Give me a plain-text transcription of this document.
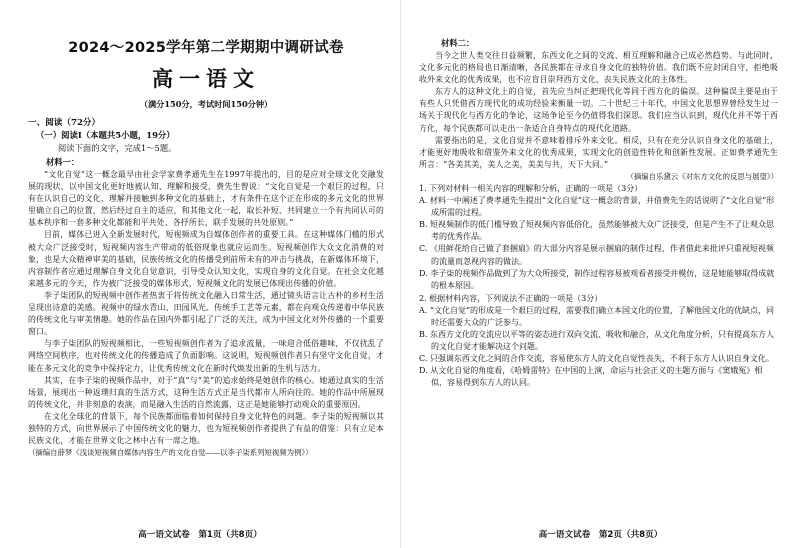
2024～2025学年第二学期期中调研试卷
高一语文
（满分150分，考试时间150分钟）
一、阅读（72分）
（一）阅读Ⅰ（本题共5小题，19分）
阅读下面的文字，完成1～5题。
材料一：

“文化自觉”这一概念最早由社会学家费孝通先生在1997年提出的，目的是应对全球文化交融发展的现状，以中国文化更好地被认知、理解和接受，费先生曾说：“文化自觉是一个艰巨的过程，只有在认识自己的文化，理解并接触到多种文化的基础上，才有条件在这个正在形成的多元文化的世界里确立自己的位置，然后经过自主的适应，和其他文化一起，取长补短，共同建立一个有共同认可的基本秩序和一套多种文化都能和平共处、各抒所长，联手发展的共处原则。”

目前，媒体已进入全新发展时代，短视频成为自媒体创作者的重要工具。在这种媒体门槛的形式被大众广泛接受时，短视频内容生产带动的低俗现象也就应运而生。短视频创作大众文化消费的对象，也是大众精神审美的基础，民族传统文化的传播受到前所未有的冲击与挑战，在新媒体环境下，内容制作者应通过理解自身文化自觉意识，引导受众认知文化，实现自身的文化自觉。在社会文化越来越多元的今天，作为被广泛接受的媒体形式，短视频文化的发展已体现出传播的价值。

李子柒团队的短视频中创作者热衷于将传统文化融入日常生活，通过镜头语言让古朴的乡村生活呈现出诗意的美感。视频中的绿水青山、田园风光、传统手工艺等元素，都在向观众传递着中华民族的传统文化与审美情趣。她的作品在国内外都引起了广泛的关注，成为中国文化对外传播的一个重要窗口。

与李子柒团队的短视频相比，一些短视频创作者为了追求流量，一味迎合低俗趣味，不仅扰乱了网络空间秩序，也对传统文化的传播造成了负面影响。这说明，短视频创作者只有坚守文化自觉，才能在多元文化的竞争中保持定力，让优秀传统文化在新时代焕发出新的生机与活力。

其实，在李子柒的视频作品中，对于“真”与“美”的追求始终是她创作的核心。她通过真实的生活场景，展现出一种返璞归真的生活方式，这种生活方式正是当代都市人所向往的。她的作品中所展现的传统文化，并非刻意的表演，而是融入生活的自然流露，这正是她能够打动观众的重要原因。

在文化全球化的背景下，每个民族都面临着如何保持自身文化特色的问题。李子柒的短视频以其独特的方式，向世界展示了中国传统文化的魅力，也为短视频创作者提供了有益的借鉴：只有立足本民族文化，才能在世界文化之林中占有一席之地。

（摘编自薛梦《浅谈短视频自媒体内容生产的文化自觉——以李子柒系列短视频为例》）

高一语文试卷　第1页（共8页）
材料二：

当今之世人类交往日益频繁，东西文化之间的交流、相互理解和融合已成必然趋势。与此同时，文化多元化的格局也日渐清晰，各民族都在寻求自身文化的独特价值。我们既不应封闭自守，拒绝吸收外来文化的优秀成果，也不应盲目崇拜西方文化，丧失民族文化的主体性。

东方人的这种文化上的自觉，首先应当纠正把现代化等同于西方化的偏误。这种偏误主要是由于有些人只凭借西方现代化的成功经验来衡量一切。二十世纪三十年代，中国文化思想界曾经发生过一场关于现代化与西方化的争论，这场争论至今仍值得我们深思。我们应当认识到，现代化并不等于西方化，每个民族都可以走出一条适合自身特点的现代化道路。

需要指出的是，文化自觉并不意味着排斥外来文化。相反，只有在充分认识自身文化的基础上，才能更好地吸收和借鉴外来文化的优秀成果，实现文化的创造性转化和创新性发展。正如费孝通先生所言：“各美其美，美人之美，美美与共，天下大同。”

（摘编自乐黛云《对东方文化的反思与展望》）

1. 下列对材料一相关内容的理解和分析，正确的一项是（3分）

A. 材料一中阐述了费孝通先生提出“文化自觉”这一概念的背景，并借费先生的话说明了“文化自觉”形成所需的过程。

B. 短视频制作的低门槛导致了短视频内容低俗化，虽然能够被大众广泛接受，但是产生不了让观众思考的优秀作品。

C. 《用鲜花给自己做了套捆扇》的大部分内容是展示捆扇的制作过程，作者借此来批评只重视短视频的流量而忽视内容的做法。

D. 李子柒的视频作品做到了为大众所接受，制作过程容易被观看者接受并模仿，这是她能够取得成就的根本原因。

2. 根据材料内容，下列说法不正确的一项是（3分）

A. “文化自觉”的形成是一个艰巨的过程，需要我们确立本国文化的位置，了解他国文化的优缺点，同时还需要大众的广泛参与。

B. 东西方文化的交流应以平等的姿态进行双向交流、吸收和融合，从文化角度分析，只有提高东方人的文化自觉才能解决这个问题。

C. 只强调东西文化之间的合作交流，容易使东方人的文化自觉性丧失，不利于东方人认识自身文化。

D. 从文化自觉的角度看，《哈姆雷特》在中国的上演，命运与社会正义的主题方面与《窦娥冤》相似，容易得到东方人的认同。

高一语文试卷　第2页（共8页）
